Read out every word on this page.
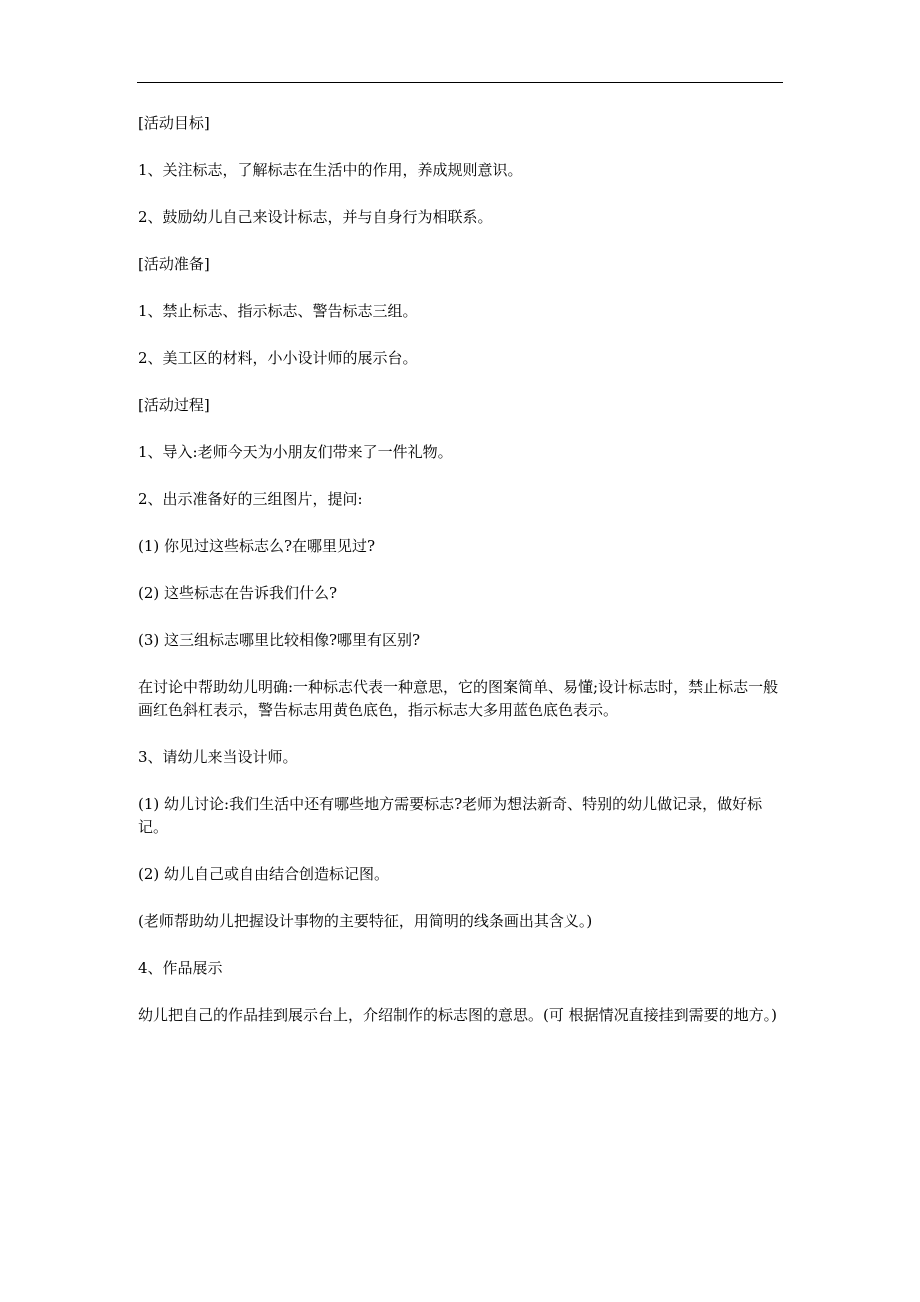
[活动目标]

1、关注标志，了解标志在生活中的作用，养成规则意识。

2、鼓励幼儿自己来设计标志，并与自身行为相联系。

[活动准备]

1、禁止标志、指示标志、警告标志三组。

2、美工区的材料，小小设计师的展示台。

[活动过程]

1、导入:老师今天为小朋友们带来了一件礼物。

2、出示准备好的三组图片，提问:

(1) 你见过这些标志么?在哪里见过?

(2) 这些标志在告诉我们什么?

(3) 这三组标志哪里比较相像?哪里有区别?

在讨论中帮助幼儿明确:一种标志代表一种意思，它的图案简单、易懂;设计标志时，禁止标志一般画红色斜杠表示，警告标志用黄色底色，指示标志大多用蓝色底色表示。

3、请幼儿来当设计师。

(1) 幼儿讨论:我们生活中还有哪些地方需要标志?老师为想法新奇、特别的幼儿做记录，做好标记。

(2) 幼儿自己或自由结合创造标记图。

(老师帮助幼儿把握设计事物的主要特征，用简明的线条画出其含义。)

4、作品展示

幼儿把自己的作品挂到展示台上，介绍制作的标志图的意思。(可 根据情况直接挂到需要的地方。)
